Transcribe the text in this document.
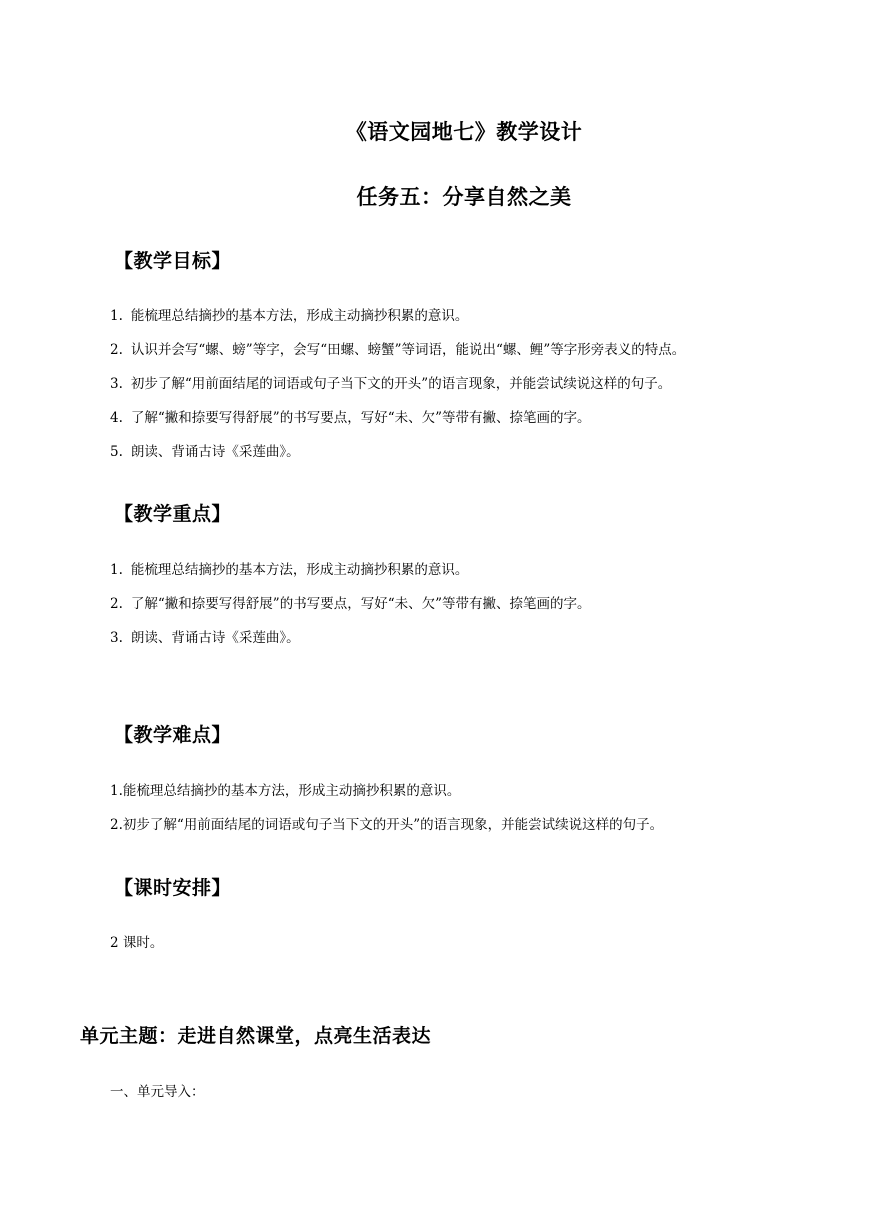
《语文园地七》教学设计
任务五：分享自然之美
【教学目标】
1. 能梳理总结摘抄的基本方法，形成主动摘抄积累的意识。
2. 认识并会写“螺、螃”等字，会写“田螺、螃蟹”等词语，能说出“螺、鲤”等字形旁表义的特点。
3. 初步了解“用前面结尾的词语或句子当下文的开头”的语言现象，并能尝试续说这样的句子。
4. 了解“撇和捺要写得舒展”的书写要点，写好“未、欠”等带有撇、捺笔画的字。
5. 朗读、背诵古诗《采莲曲》。
【教学重点】
1. 能梳理总结摘抄的基本方法，形成主动摘抄积累的意识。
2. 了解“撇和捺要写得舒展”的书写要点，写好“未、欠”等带有撇、捺笔画的字。
3. 朗读、背诵古诗《采莲曲》。
【教学难点】
1.能梳理总结摘抄的基本方法，形成主动摘抄积累的意识。
2.初步了解“用前面结尾的词语或句子当下文的开头”的语言现象，并能尝试续说这样的句子。
【课时安排】
2 课时。
单元主题：走进自然课堂，点亮生活表达
一、单元导入：
